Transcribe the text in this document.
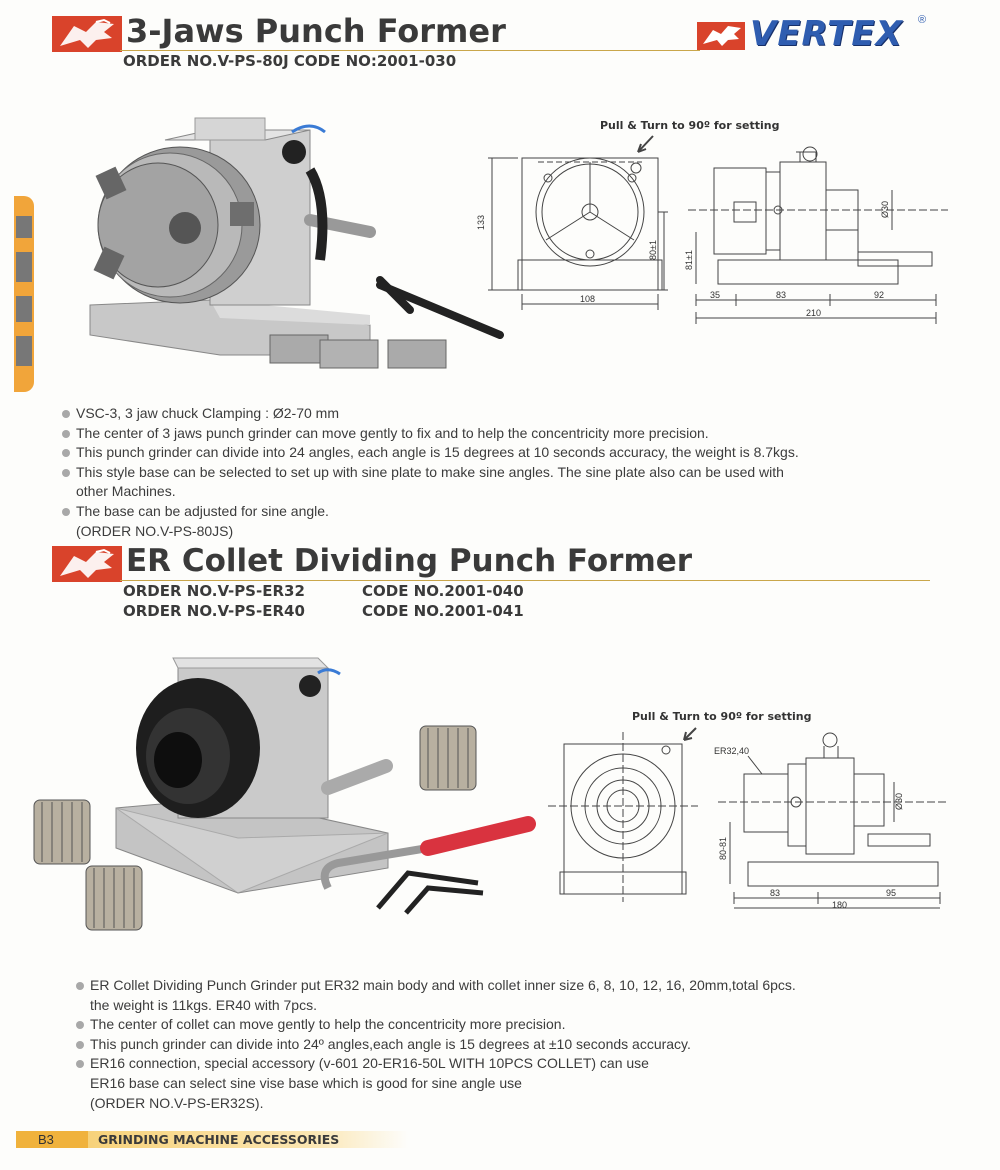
3-Jaws Punch Former
ORDER NO.V-PS-80J CODE NO:2001-030
VERTEX ®
Pull & Turn to 90º for setting
133
80±1
108
Ø30
81±1
35	83	92
210
VSC-3, 3 jaw chuck Clamping : Ø2-70 mm
The center of 3 jaws punch grinder can move gently to fix and to help the concentricity more precision.
This punch grinder can divide into 24 angles, each angle is 15 degrees at 10 seconds accuracy, the weight is 8.7kgs.
This style base can be selected to set up with sine plate to make sine angles. The sine plate also can be used with
other Machines.
The base can be adjusted for sine angle.
(ORDER NO.V-PS-80JS)
ER Collet Dividing Punch Former
ORDER NO.V-PS-ER32	CODE NO.2001-040
ORDER NO.V-PS-ER40	CODE NO.2001-041
Pull & Turn to 90º for setting
ER32,40
Ø30
80-81
83	95
180
ER Collet Dividing Punch Grinder put ER32 main body and with collet inner size 6, 8, 10, 12, 16, 20mm,total 6pcs.
the weight is 11kgs. ER40 with 7pcs.
The center of collet can move gently to help the concentricity more precision.
This punch grinder can divide into 24º angles,each angle is 15 degrees at ±10 seconds accuracy.
ER16 connection, special accessory (v-601 20-ER16-50L WITH 10PCS COLLET) can use
ER16 base can select sine vise base which is good for sine angle use
(ORDER NO.V-PS-ER32S).
B3	GRINDING MACHINE ACCESSORIES
